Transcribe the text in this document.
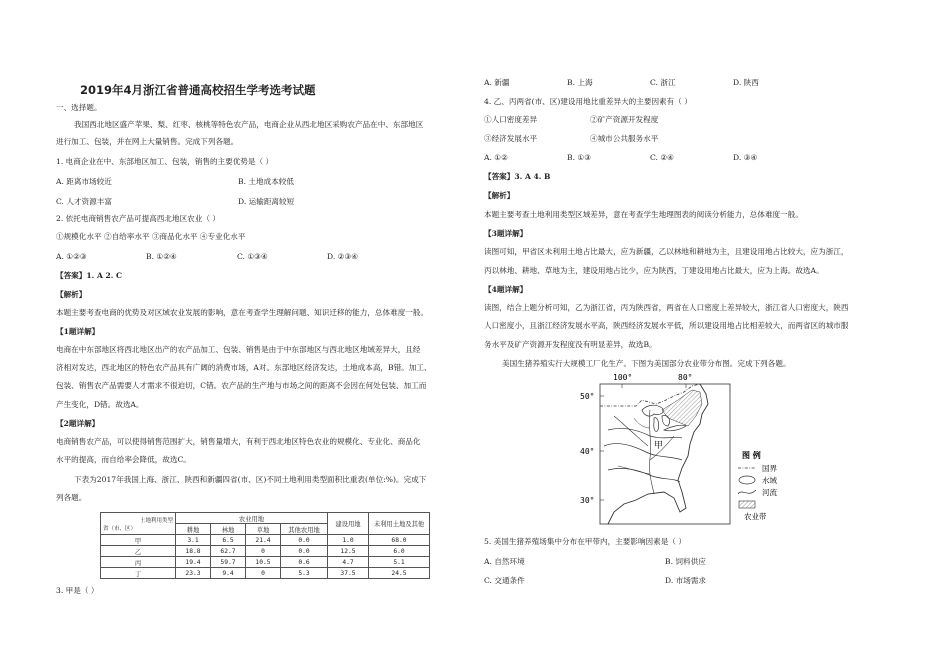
2019年4月浙江省普通高校招生学考选考试题
一、选择题。
我国西北地区盛产苹果、梨、红枣、核桃等特色农产品，电商企业从西北地区采购农产品在中、东部地区
进行加工、包装，并在网上大量销售。完成下列各题。
1. 电商企业在中、东部地区加工、包装，销售的主要优势是（ ）
A. 距离市场较近	B. 土地成本较低
C. 人才资源丰富	D. 运输距离较短
2. 依托电商销售农产品可提高西北地区农业（ ）
①规模化水平 ②自给率水平 ③商品化水平 ④专业化水平
A. ①②③	B. ①②④	C. ①③④	D. ②③④
【答案】1. A 2. C
【解析】
本题主要考查电商的优势及对区域农业发展的影响，意在考查学生理解问题、知识迁移的能力，总体难度一般。
【1题详解】
电商在中东部地区将西北地区出产的农产品加工、包装、销售是由于中东部地区与西北地区地域差异大，且经
济相对发达，西北地区的特色农产品具有广阔的消费市场，A对。东部地区经济发达，土地成本高，B错。加工、
包装、销售农产品需要人才需求不很迫切，C错。农产品的生产地与市场之间的距离不会因在何处包装、加工而
产生变化，D错。故选A。
【2题详解】
电商销售农产品，可以使得销售范围扩大，销售量增大，有利于西北地区特色农业的规模化、专业化、商品化
水平的提高，而自给率会降低，故选C。
下表为2017年我国上海、浙江、陕西和新疆四省(市、区)不同土地利用类型面积比重表(单位:%)。完成下
列各题。
土地利用类型
省（市、区）	农业用地				建设用地	未利用土地及其他
	耕地	林地	草地	其他农用地		
甲	3.1	6.5	21.4	0.0	1.0	68.0
乙	18.8	62.7	0	0.0	12.5	6.0
丙	19.4	59.7	10.5	0.6	4.7	5.1
丁	23.3	9.4	0	5.3	37.5	24.5
3. 甲是（ ）
A. 新疆	B. 上海	C. 浙江	D. 陕西
4. 乙、丙两省(市、区)建设用地比重差异大的主要因素有（ ）
①人口密度差异	②矿产资源开发程度
③经济发展水平	④城市公共服务水平
A. ①②	B. ①③	C. ②④	D. ③④
【答案】3. A 4. B
【解析】
本题主要考查土地利用类型区域差异，意在考查学生地理图表的阅读分析能力，总体难度一般。
【3题详解】
读图可知，甲省区未利用土地占比最大，应为新疆，乙以林地和耕地为主，且建设用地占比较大，应为浙江，
丙以林地、耕地、草地为主，建设用地占比少，应为陕西，丁建设用地占比最大，应为上海。故选A。
【4题详解】
读图，结合上题分析可知，乙为浙江省，丙为陕西省，两省在人口密度上差异较大，浙江省人口密度大，陕西
人口密度小，且浙江经济发展水平高，陕西经济发展水平低，所以建设用地占比相差较大，而两省区的城市服
务水平及矿产资源开发程度没有明显差异，故选B。
美国生猪养殖实行大规模工厂化生产。下图为美国部分农业带分布图。完成下列各题。
100°	80°
50°
40°
30°
甲
图 例
国界
水域
河流
农业带
5. 美国生猪养殖场集中分布在甲带内，主要影响因素是（ ）
A. 自然环境	B. 饲料供应
C. 交通条件	D. 市场需求
